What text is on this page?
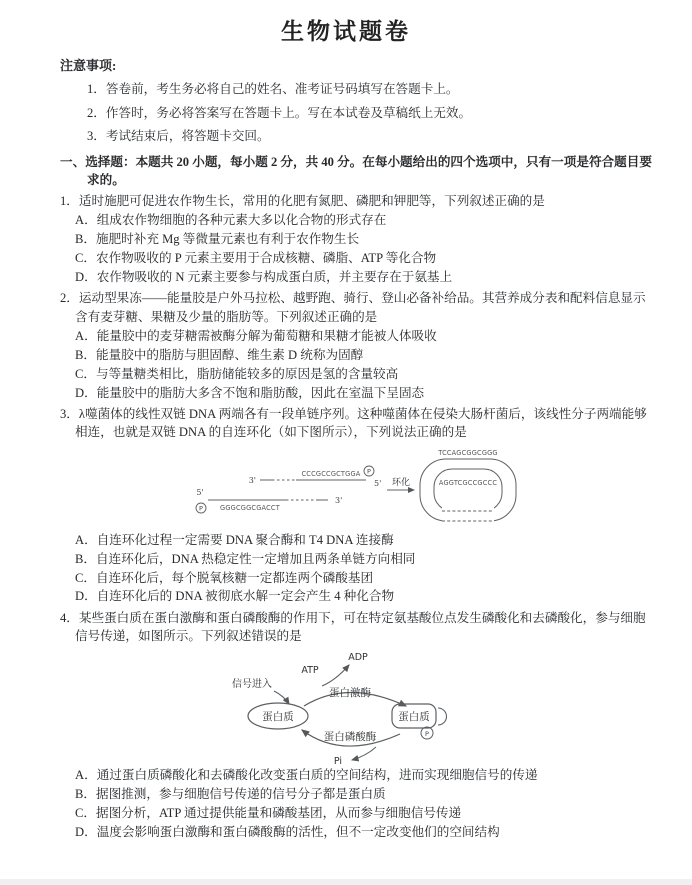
生物试题卷
注意事项:
1．答卷前，考生务必将自己的姓名、准考证号码填写在答题卡上。
2．作答时，务必将答案写在答题卡上。写在本试卷及草稿纸上无效。
3．考试结束后，将答题卡交回。
一、选择题：本题共 20 小题，每小题 2 分，共 40 分。在每小题给出的四个选项中，只有一项是符合题目要求的。
1．适时施肥可促进农作物生长，常用的化肥有氮肥、磷肥和钾肥等，下列叙述正确的是
A．组成农作物细胞的各种元素大多以化合物的形式存在
B．施肥时补充 Mg 等微量元素也有利于农作物生长
C．农作物吸收的 P 元素主要用于合成核糖、磷脂、ATP 等化合物
D．农作物吸收的 N 元素主要参与构成蛋白质，并主要存在于氨基上
2．运动型果冻——能量胶是户外马拉松、越野跑、骑行、登山必备补给品。其营养成分表和配料信息显示含有麦芽糖、果糖及少量的脂肪等。下列叙述正确的是
A．能量胶中的麦芽糖需被酶分解为葡萄糖和果糖才能被人体吸收
B．能量胶中的脂肪与胆固醇、维生素 D 统称为固醇
C．与等量糖类相比，脂肪储能较多的原因是氢的含量较高
D．能量胶中的脂肪大多含不饱和脂肪酸，因此在室温下呈固态
3．λ噬菌体的线性双链 DNA 两端各有一段单链序列。这种噬菌体在侵染大肠杆菌后，该线性分子两端能够相连，也就是双链 DNA 的自连环化（如下图所示），下列说法正确的是
5'
P	GGGCGGCGACCT
3'
3'
CCCGCCGCTGGA P
5' 环化
TCCAGCGGCGGG
AGGTCGCCGCCC
A．自连环化过程一定需要 DNA 聚合酶和 T4 DNA 连接酶
B．自连环化后，DNA 热稳定性一定增加且两条单链方向相同
C．自连环化后，每个脱氧核糖一定都连两个磷酸基团
D．自连环化后的 DNA 被彻底水解一定会产生 4 种化合物
4．某些蛋白质在蛋白激酶和蛋白磷酸酶的作用下，可在特定氨基酸位点发生磷酸化和去磷酸化，参与细胞信号传递，如图所示。下列叙述错误的是
ADP
ATP
信号进入
蛋白激酶
蛋白质	蛋白质
P
蛋白磷酸酶
Pi
A．通过蛋白质磷酸化和去磷酸化改变蛋白质的空间结构，进而实现细胞信号的传递
B．据图推测，参与细胞信号传递的信号分子都是蛋白质
C．据图分析，ATP 通过提供能量和磷酸基团，从而参与细胞信号传递
D．温度会影响蛋白激酶和蛋白磷酸酶的活性，但不一定改变他们的空间结构
